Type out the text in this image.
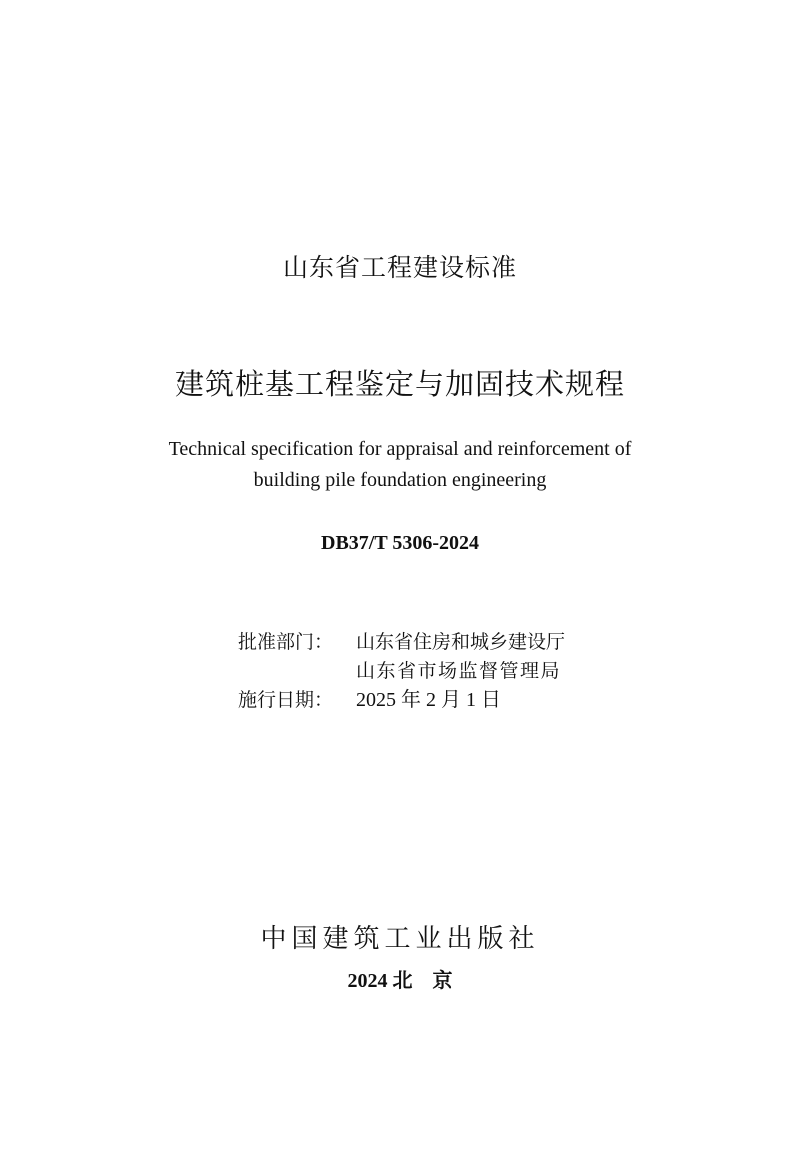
山东省工程建设标准
建筑桩基工程鉴定与加固技术规程
Technical specification for appraisal and reinforcement of
building pile foundation engineering
DB37/T 5306-2024
批准部门：	山东省住房和城乡建设厅
山东省市场监督管理局
施行日期：	2025 年 2 月 1 日
中国建筑工业出版社
2024 北　京
